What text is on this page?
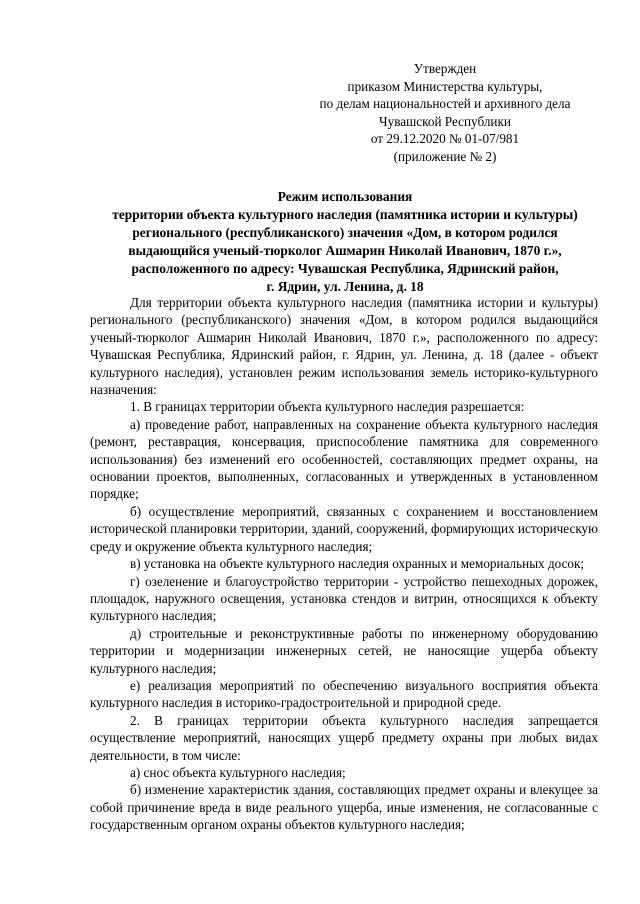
Утвержден
приказом Министерства культуры,
по делам национальностей и архивного дела
Чувашской Республики
от 29.12.2020 № 01-07/981
(приложение № 2)
Режим использования
территории объекта культурного наследия (памятника истории и культуры)
регионального (республиканского) значения «Дом, в котором родился
выдающийся ученый-тюрколог Ашмарин Николай Иванович, 1870 г.»,
расположенного по адресу: Чувашская Республика, Ядринский район,
г. Ядрин, ул. Ленина, д. 18

Для территории объекта культурного наследия (памятника истории и культуры) регионального (республиканского) значения «Дом, в котором родился выдающийся ученый-тюрколог Ашмарин Николай Иванович, 1870 г.», расположенного по адресу: Чувашская Республика, Ядринский район, г. Ядрин, ул. Ленина, д. 18 (далее - объект культурного наследия), установлен режим использования земель историко-культурного назначения:

1. В границах территории объекта культурного наследия разрешается:

а) проведение работ, направленных на сохранение объекта культурного наследия (ремонт, реставрация, консервация, приспособление памятника для современного использования) без изменений его особенностей, составляющих предмет охраны, на основании проектов, выполненных, согласованных и утвержденных в установленном порядке;

б) осуществление мероприятий, связанных с сохранением и восстановлением исторической планировки территории, зданий, сооружений, формирующих историческую среду и окружение объекта культурного наследия;

в) установка на объекте культурного наследия охранных и мемориальных досок;

г) озеленение и благоустройство территории - устройство пешеходных дорожек, площадок, наружного освещения, установка стендов и витрин, относящихся к объекту культурного наследия;

д) строительные и реконструктивные работы по инженерному оборудованию территории и модернизации инженерных сетей, не наносящие ущерба объекту культурного наследия;

е) реализация мероприятий по обеспечению визуального восприятия объекта культурного наследия в историко-градостроительной и природной среде.

2. В границах территории объекта культурного наследия запрещается осуществление мероприятий, наносящих ущерб предмету охраны при любых видах деятельности, в том числе:

а) снос объекта культурного наследия;

б) изменение характеристик здания, составляющих предмет охраны и влекущее за собой причинение вреда в виде реального ущерба, иные изменения, не согласованные с государственным органом охраны объектов культурного наследия;
